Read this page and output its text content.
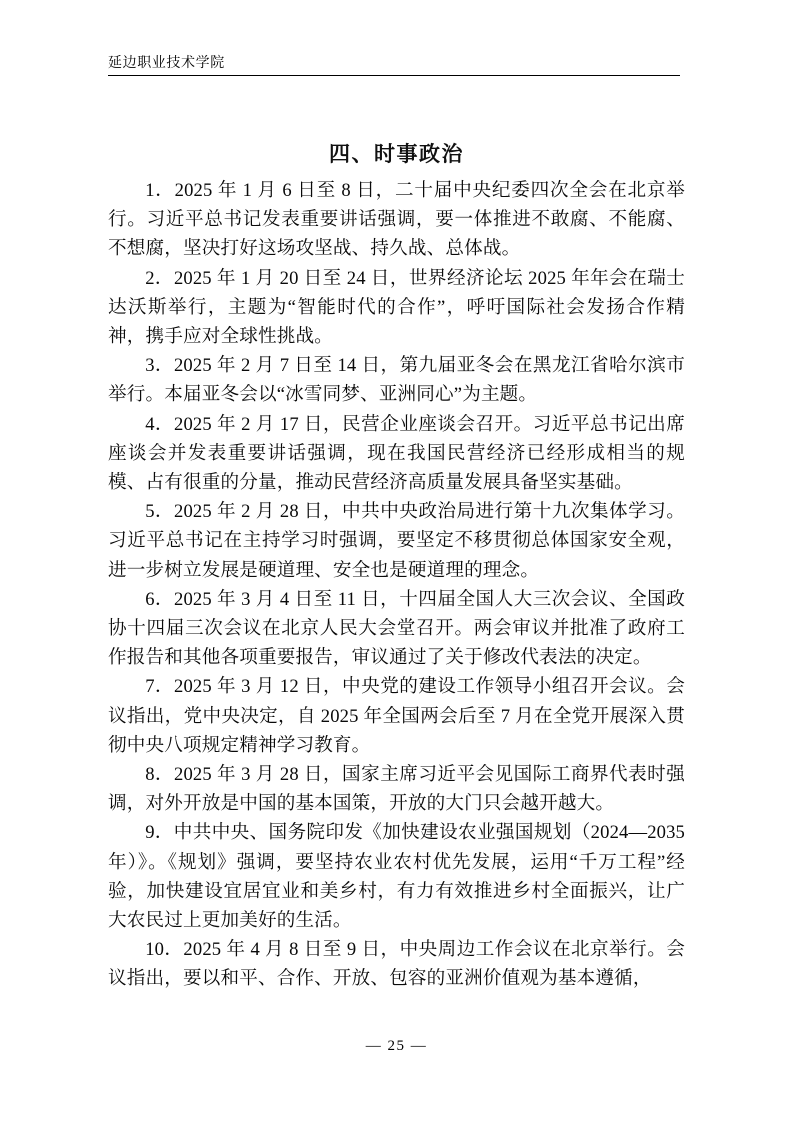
延边职业技术学院
四、时事政治

1．2025 年 1 月 6 日至 8 日，二十届中央纪委四次全会在北京举行。习近平总书记发表重要讲话强调，要一体推进不敢腐、不能腐、不想腐，坚决打好这场攻坚战、持久战、总体战。

2．2025 年 1 月 20 日至 24 日，世界经济论坛 2025 年年会在瑞士达沃斯举行，主题为“智能时代的合作”，呼吁国际社会发扬合作精神，携手应对全球性挑战。

3．2025 年 2 月 7 日至 14 日，第九届亚冬会在黑龙江省哈尔滨市举行。本届亚冬会以“冰雪同梦、亚洲同心”为主题。

4．2025 年 2 月 17 日，民营企业座谈会召开。习近平总书记出席座谈会并发表重要讲话强调，现在我国民营经济已经形成相当的规模、占有很重的分量，推动民营经济高质量发展具备坚实基础。

5．2025 年 2 月 28 日，中共中央政治局进行第十九次集体学习。习近平总书记在主持学习时强调，要坚定不移贯彻总体国家安全观，进一步树立发展是硬道理、安全也是硬道理的理念。

6．2025 年 3 月 4 日至 11 日，十四届全国人大三次会议、全国政协十四届三次会议在北京人民大会堂召开。两会审议并批准了政府工作报告和其他各项重要报告，审议通过了关于修改代表法的决定。

7．2025 年 3 月 12 日，中央党的建设工作领导小组召开会议。会议指出，党中央决定，自 2025 年全国两会后至 7 月在全党开展深入贯彻中央八项规定精神学习教育。

8．2025 年 3 月 28 日，国家主席习近平会见国际工商界代表时强调，对外开放是中国的基本国策，开放的大门只会越开越大。

9．中共中央、国务院印发《加快建设农业强国规划（2024—2035 年）》。《规划》强调，要坚持农业农村优先发展，运用“千万工程”经验，加快建设宜居宜业和美乡村，有力有效推进乡村全面振兴，让广大农民过上更加美好的生活。

10．2025 年 4 月 8 日至 9 日，中央周边工作会议在北京举行。会议指出，要以和平、合作、开放、包容的亚洲价值观为基本遵循，

— 25 —
